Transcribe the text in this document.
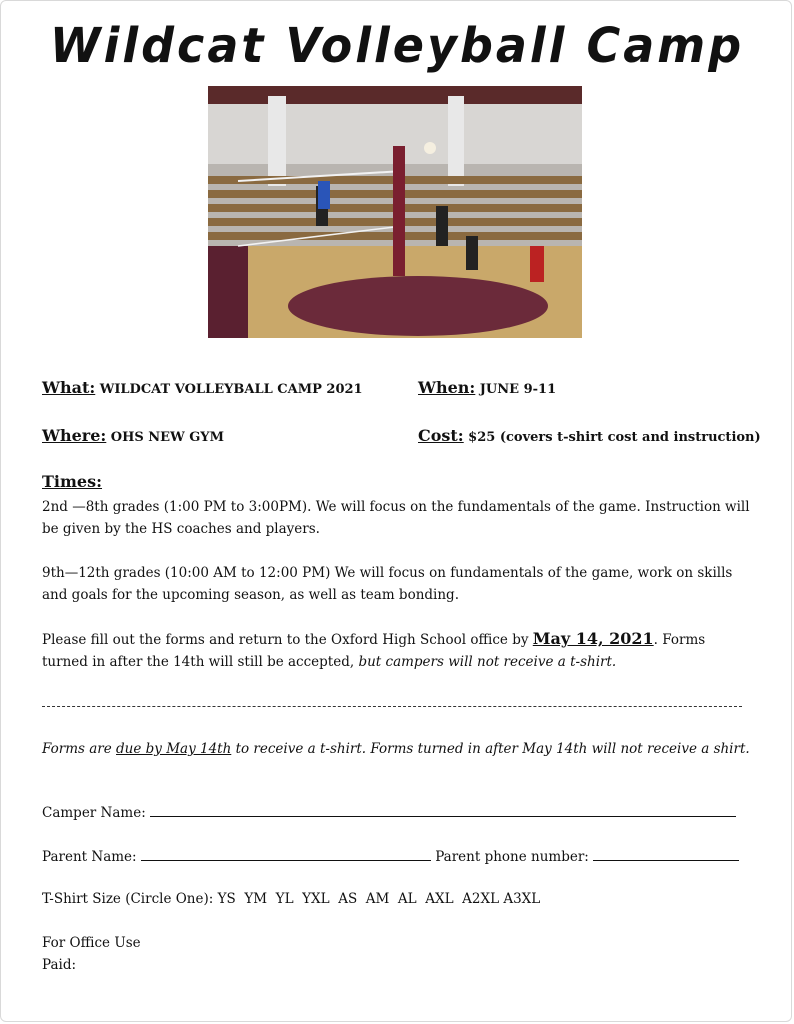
Wildcat Volleyball Camp
What: WILDCAT VOLLEYBALL CAMP 2021	When: JUNE 9-11
Where: OHS NEW GYM	Cost: $25 (covers t-shirt cost and instruction)
Times:
2nd —8th grades (1:00 PM to 3:00PM). We will focus on the fundamentals of the game. Instruction will be given by the HS coaches and players.
9th—12th grades (10:00 AM to 12:00 PM) We will focus on fundamentals of the game, work on skills and goals for the upcoming season, as well as team bonding.
Please fill out the forms and return to the Oxford High School office by May 14, 2021. Forms turned in after the 14th will still be accepted, but campers will not receive a t-shirt.
Forms are due by May 14th to receive a t-shirt. Forms turned in after May 14th will not receive a shirt.
Camper Name:
Parent Name:	Parent phone number:
T-Shirt Size (Circle One): YS  YM  YL  YXL  AS  AM  AL  AXL  A2XL A3XL
For Office Use
Paid:
